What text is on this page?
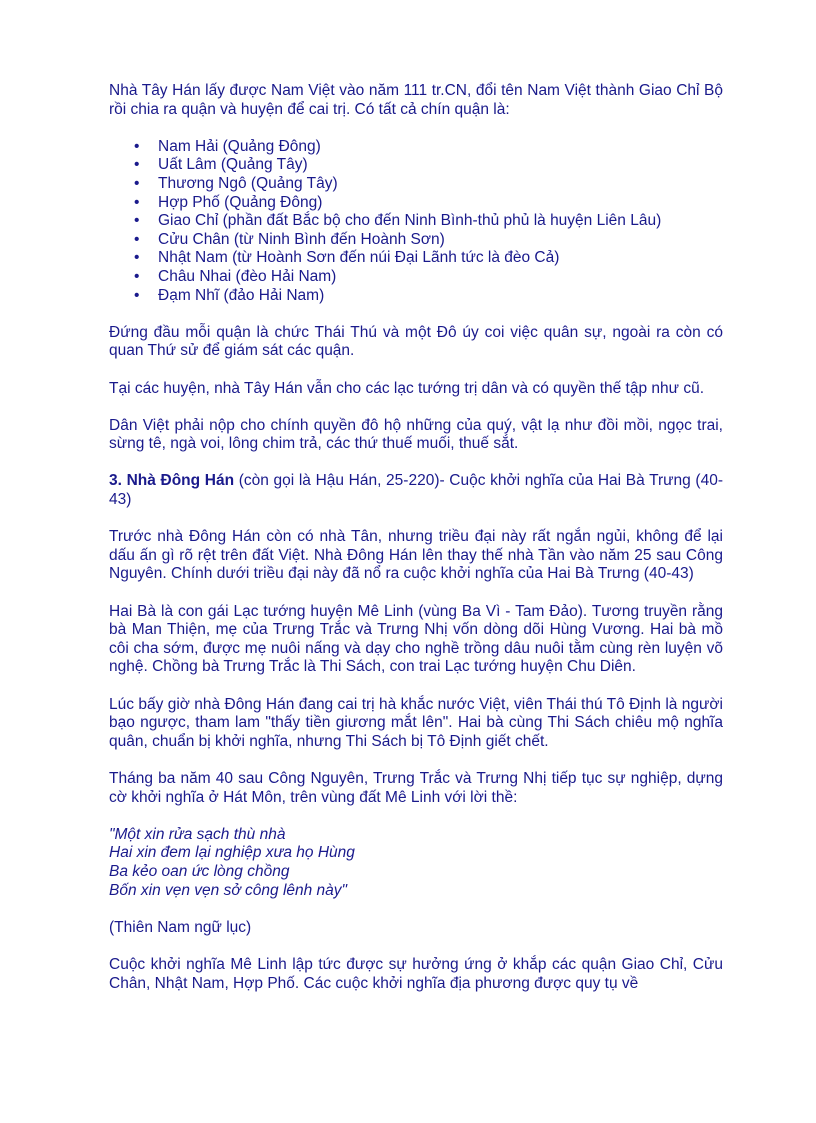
Nhà Tây Hán lấy được Nam Việt vào năm 111 tr.CN, đổi tên Nam Việt thành Giao Chỉ Bộ rồi chia ra quận và huyện để cai trị. Có tất cả chín quận là:

• Nam Hải (Quảng Đông)
• Uất Lâm (Quảng Tây)
• Thương Ngô (Quảng Tây)
• Hợp Phố (Quảng Đông)
• Giao Chỉ (phần đất Bắc bộ cho đến Ninh Bình-thủ phủ là huyện Liên Lâu)
• Cửu Chân (từ Ninh Bình đến Hoành Sơn)
• Nhật Nam (từ Hoành Sơn đến núi Đại Lãnh tức là đèo Cả)
• Châu Nhai (đèo Hải Nam)
• Đạm Nhĩ (đảo Hải Nam)

Đứng đầu mỗi quận là chức Thái Thú và một Đô úy coi việc quân sự, ngoài ra còn có quan Thứ sử để giám sát các quận.

Tại các huyện, nhà Tây Hán vẫn cho các lạc tướng trị dân và có quyền thế tập như cũ.

Dân Việt phải nộp cho chính quyền đô hộ những của quý, vật lạ như đồi mồi, ngọc trai, sừng tê, ngà voi, lông chim trả, các thứ thuế muối, thuế sắt.

3. Nhà Đông Hán (còn gọi là Hậu Hán, 25-220)- Cuộc khởi nghĩa của Hai Bà Trưng (40-43)

Trước nhà Đông Hán còn có nhà Tân, nhưng triều đại này rất ngắn ngủi, không để lại dấu ấn gì rõ rệt trên đất Việt. Nhà Đông Hán lên thay thế nhà Tần vào năm 25 sau Công Nguyên. Chính dưới triều đại này đã nổ ra cuộc khởi nghĩa của Hai Bà Trưng (40-43)

Hai Bà là con gái Lạc tướng huyện Mê Linh (vùng Ba Vì - Tam Đảo). Tương truyền rằng bà Man Thiện, mẹ của Trưng Trắc và Trưng Nhị vốn dòng dõi Hùng Vương. Hai bà mồ côi cha sớm, được mẹ nuôi nấng và dạy cho nghề trồng dâu nuôi tằm cùng rèn luyện võ nghệ. Chồng bà Trưng Trắc là Thi Sách, con trai Lạc tướng huyện Chu Diên.

Lúc bấy giờ nhà Đông Hán đang cai trị hà khắc nước Việt, viên Thái thú Tô Định là người bạo ngược, tham lam "thấy tiền giương mắt lên". Hai bà cùng Thi Sách chiêu mộ nghĩa quân, chuẩn bị khởi nghĩa, nhưng Thi Sách bị Tô Định giết chết.

Tháng ba năm 40 sau Công Nguyên, Trưng Trắc và Trưng Nhị tiếp tục sự nghiệp, dựng cờ khởi nghĩa ở Hát Môn, trên vùng đất Mê Linh với lời thề:

"Một xin rửa sạch thù nhà
Hai xin đem lại nghiệp xưa họ Hùng
Ba kẻo oan ức lòng chồng
Bốn xin vẹn vẹn sở công lênh này"

(Thiên Nam ngữ lục)

Cuộc khởi nghĩa Mê Linh lập tức được sự hưởng ứng ở khắp các quận Giao Chỉ, Cửu Chân, Nhật Nam, Hợp Phố. Các cuộc khởi nghĩa địa phương được quy tụ về
